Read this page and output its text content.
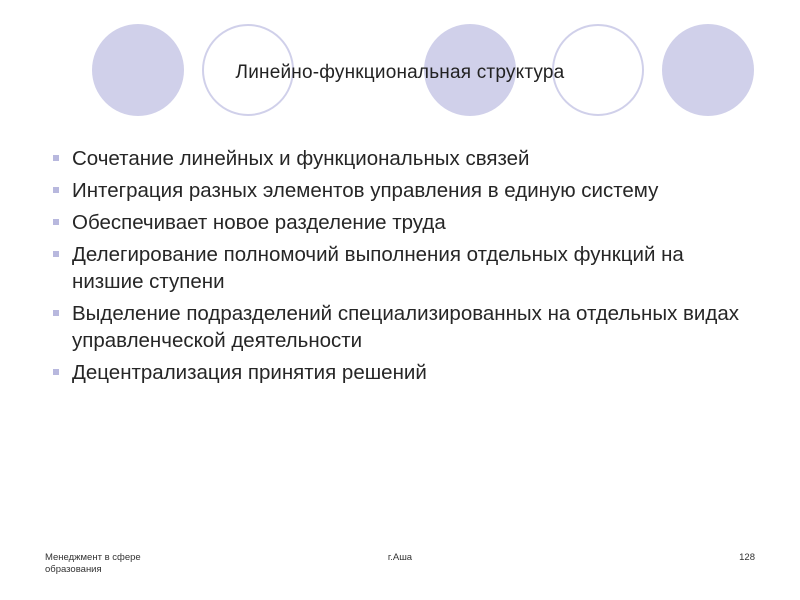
Линейно-функциональная структура
Сочетание линейных и функциональных связей
Интеграция разных элементов управления в единую систему
Обеспечивает новое разделение труда
Делегирование полномочий выполнения отдельных функций на низшие ступени
Выделение подразделений специализированных на отдельных видах управленческой деятельности
Децентрализация принятия решений
Менеджмент в сфере
образования
г.Аша	128
